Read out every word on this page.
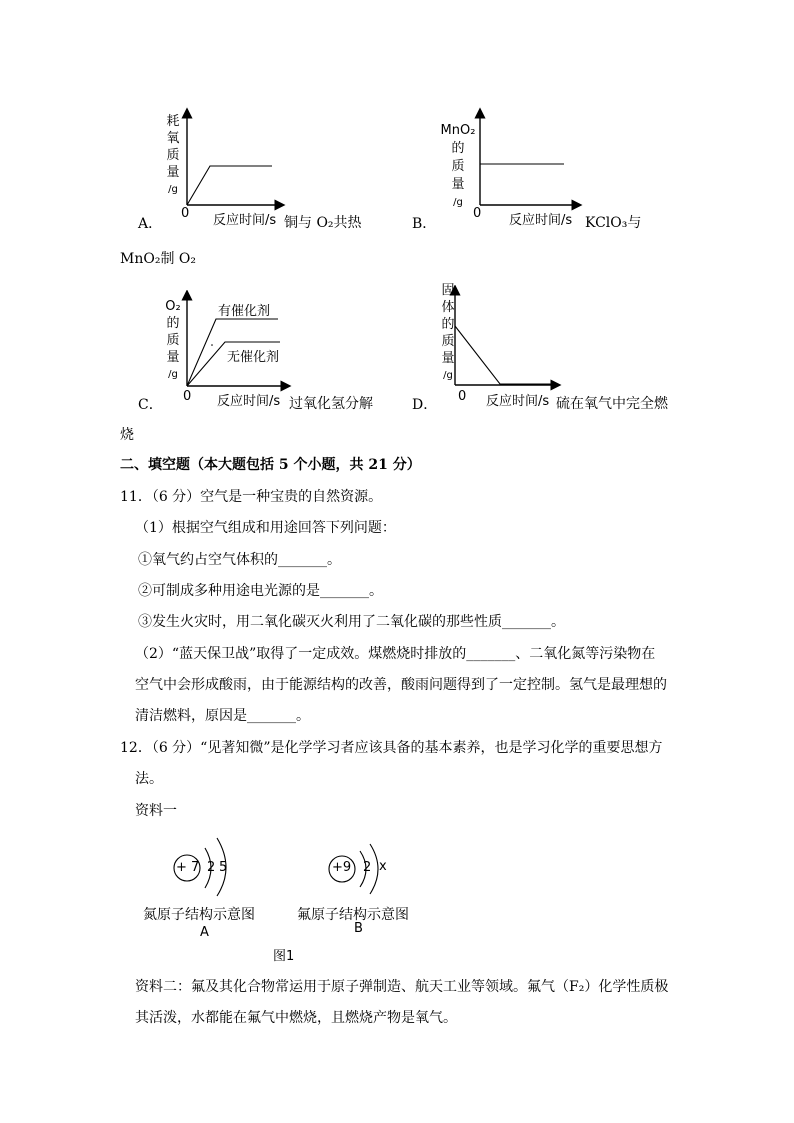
耗
氧
质
量
/g
0 反应时间/s
A．	铜与 O₂共热
MnO₂
的
质
量
/g
0 反应时间/s
B．	KClO₃与
MnO₂制 O₂
O₂
的
质
量
/g
有催化剂
无催化剂
0 反应时间/s
C．	过氧化氢分解
固
体
的
质
量
/g
0 反应时间/s
D．	硫在氧气中完全燃
烧
二、填空题（本大题包括 5 个小题，共 21 分）
11．（6 分）空气是一种宝贵的自然资源。
（1）根据空气组成和用途回答下列问题：
①氧气约占空气体积的_______。
②可制成多种用途电光源的是_______。
③发生火灾时，用二氧化碳灭火利用了二氧化碳的那些性质_______。
（2）“蓝天保卫战”取得了一定成效。煤燃烧时排放的_______、二氧化氮等污染物在
空气中会形成酸雨，由于能源结构的改善，酸雨问题得到了一定控制。氢气是最理想的
清洁燃料，原因是_______。
12．（6 分）“见著知微”是化学学习者应该具备的基本素养，也是学习化学的重要思想方
法。
资料一
+ 7 2 5
氮原子结构示意图
A
+9 2 x
氟原子结构示意图
B
图1
资料二：氟及其化合物常运用于原子弹制造、航天工业等领域。氟气（F₂）化学性质极
其活泼，水都能在氟气中燃烧，且燃烧产物是氧气。
